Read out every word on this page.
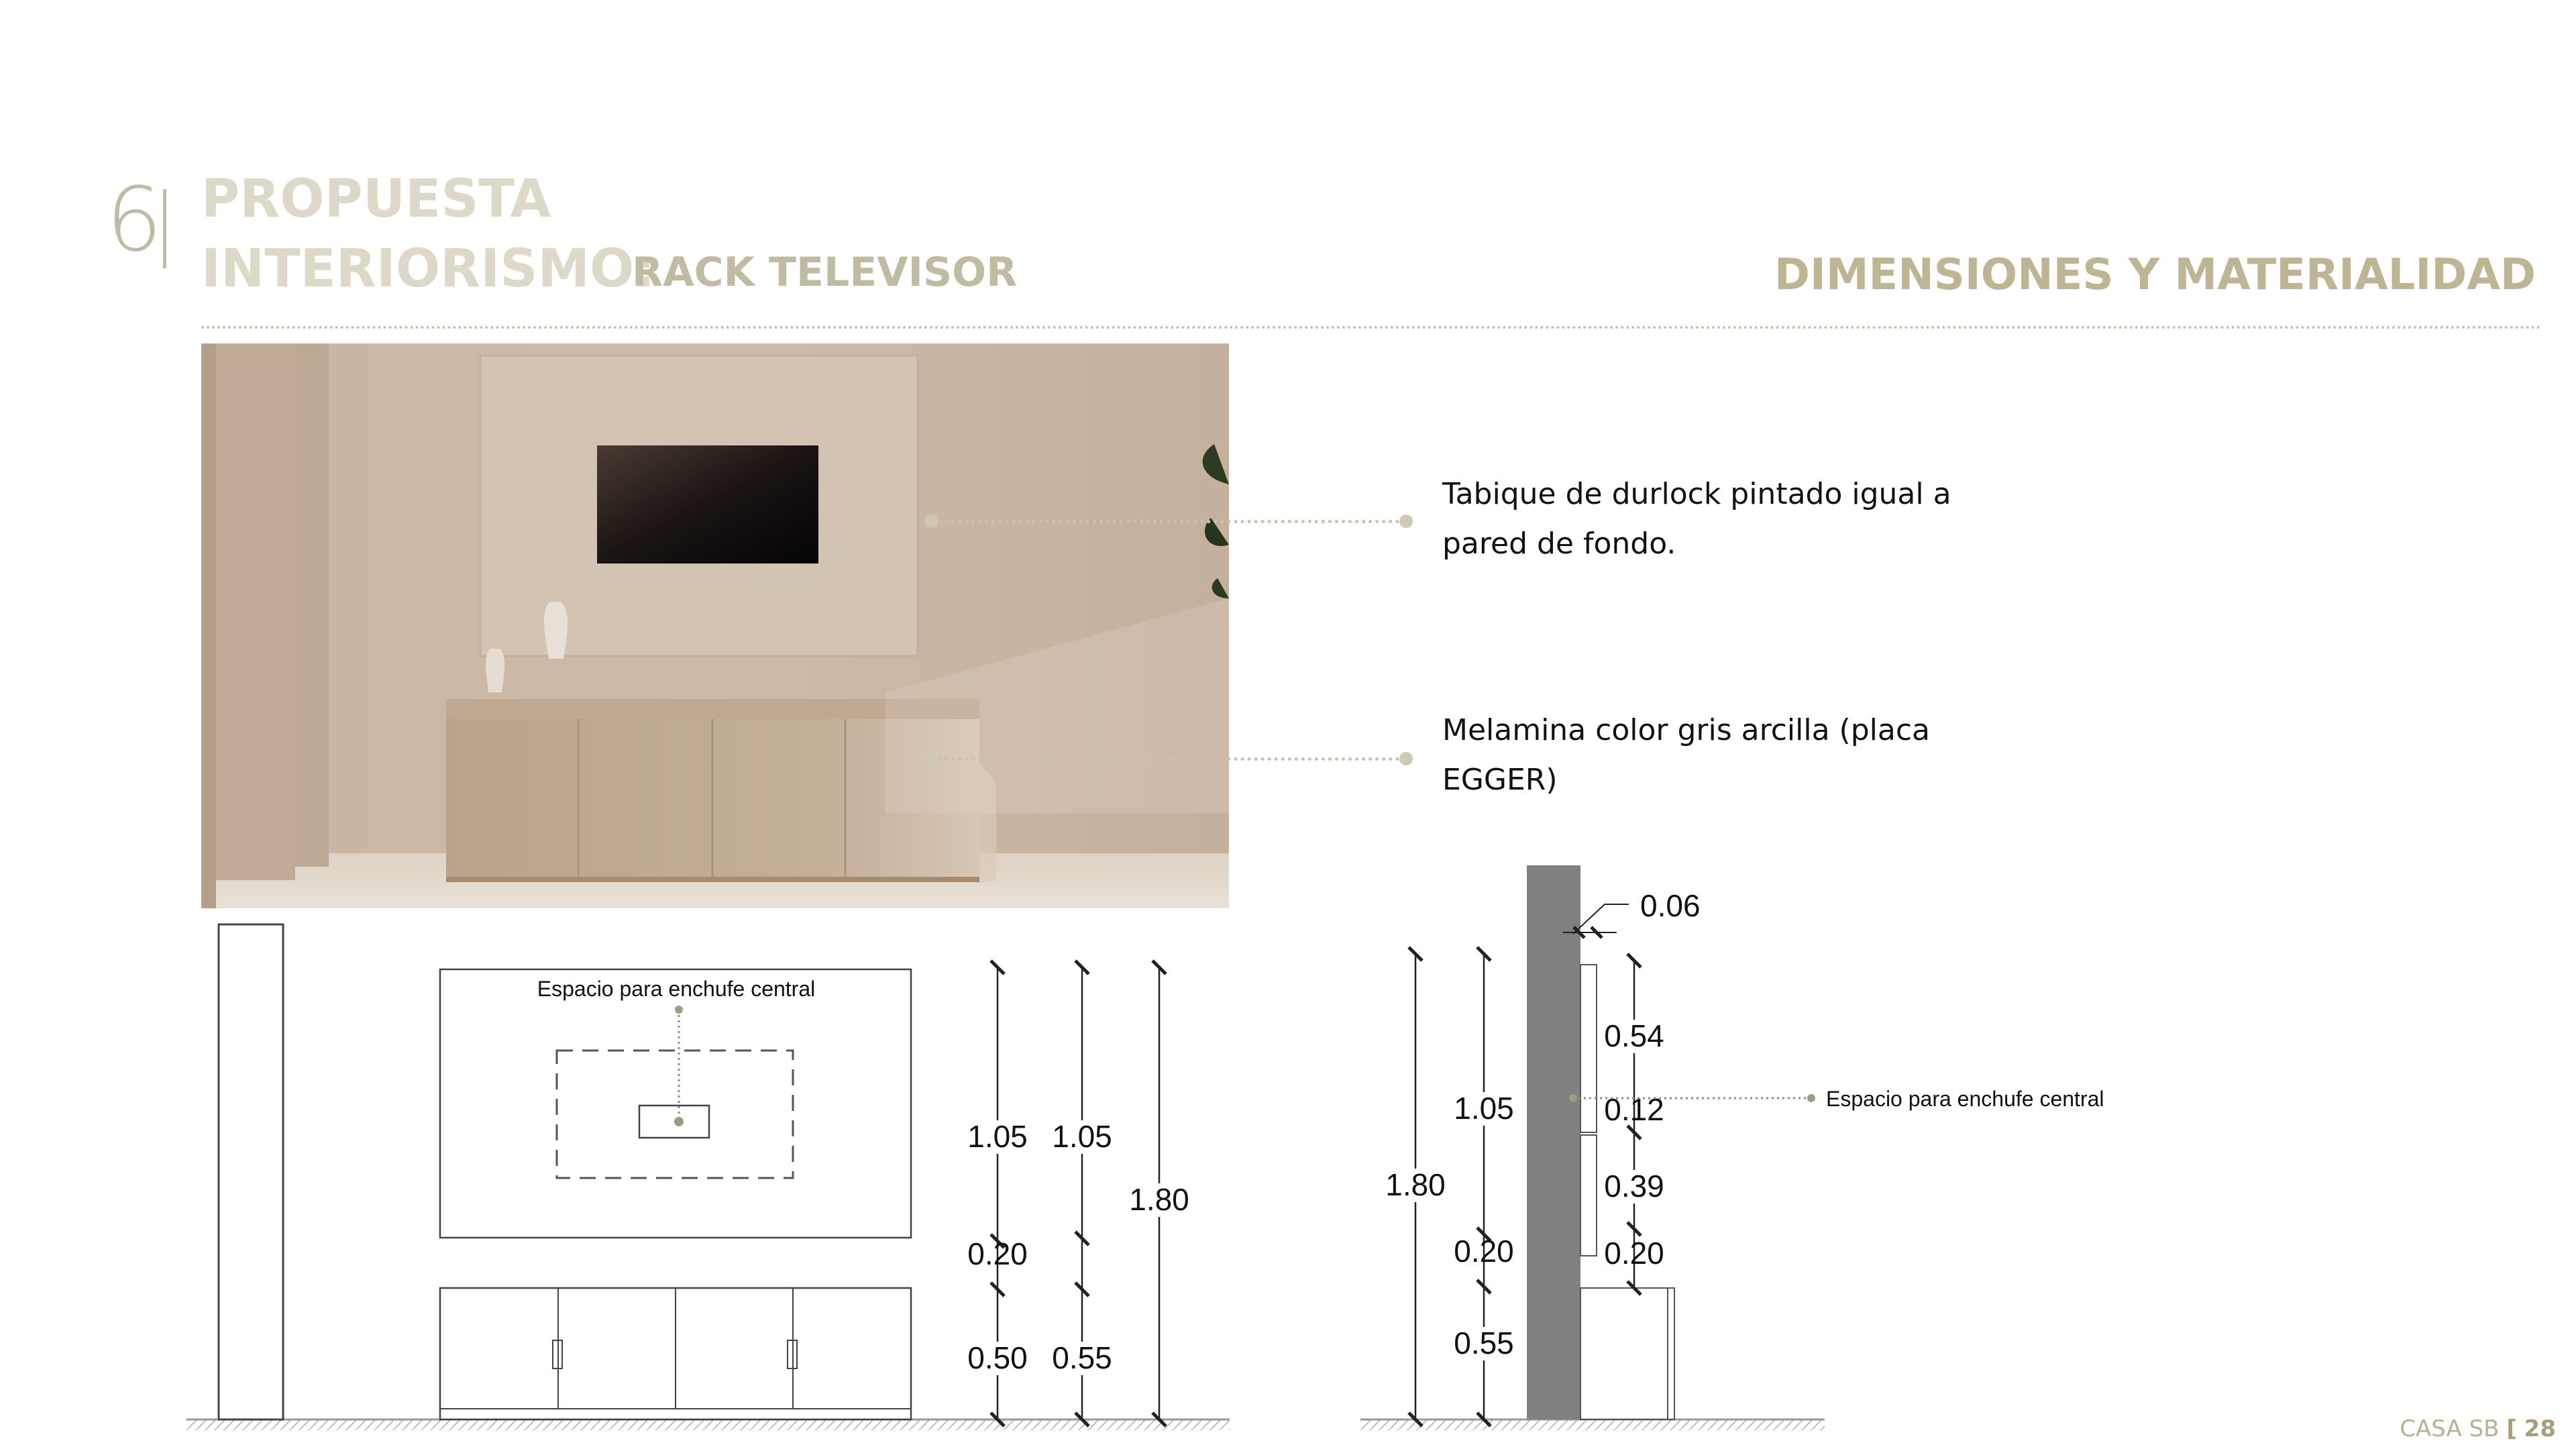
6 PROPUESTA
INTERIORISMO:
RACK TELEVISOR	DIMENSIONES Y MATERIALIDAD
Tabique de durlock pintado igual a
pared de fondo.
Melamina color gris arcilla (placa
EGGER)
Espacio para enchufe central
1.05
0.20
0.50
1.05
0.55
1.80	1.80
1.05
0.20
0.55
0.06
0.54
0.12
0.39
0.20
Espacio para enchufe central
CASA SB [ 28
